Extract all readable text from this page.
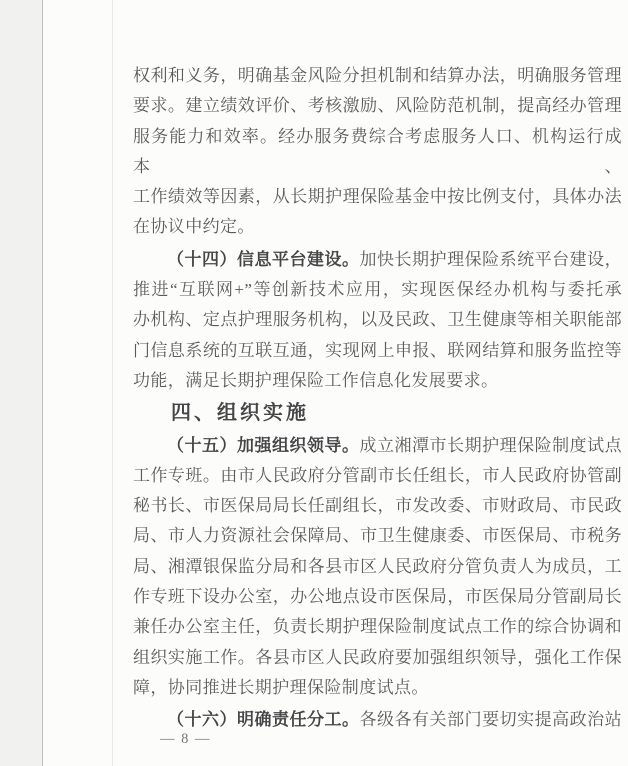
权利和义务，明确基金风险分担机制和结算办法，明确服务管理
要求。建立绩效评价、考核激励、风险防范机制，提高经办管理
服务能力和效率。经办服务费综合考虑服务人口、机构运行成本、
工作绩效等因素，从长期护理保险基金中按比例支付，具体办法
在协议中约定。
（十四）信息平台建设。加快长期护理保险系统平台建设，
推进“互联网+”等创新技术应用，实现医保经办机构与委托承
办机构、定点护理服务机构，以及民政、卫生健康等相关职能部
门信息系统的互联互通，实现网上申报、联网结算和服务监控等
功能，满足长期护理保险工作信息化发展要求。
四、组织实施
（十五）加强组织领导。成立湘潭市长期护理保险制度试点
工作专班。由市人民政府分管副市长任组长，市人民政府协管副
秘书长、市医保局局长任副组长，市发改委、市财政局、市民政
局、市人力资源社会保障局、市卫生健康委、市医保局、市税务
局、湘潭银保监分局和各县市区人民政府分管负责人为成员，工
作专班下设办公室，办公地点设市医保局，市医保局分管副局长
兼任办公室主任，负责长期护理保险制度试点工作的综合协调和
组织实施工作。各县市区人民政府要加强组织领导，强化工作保
障，协同推进长期护理保险制度试点。
（十六）明确责任分工。各级各有关部门要切实提高政治站
— 8 —
